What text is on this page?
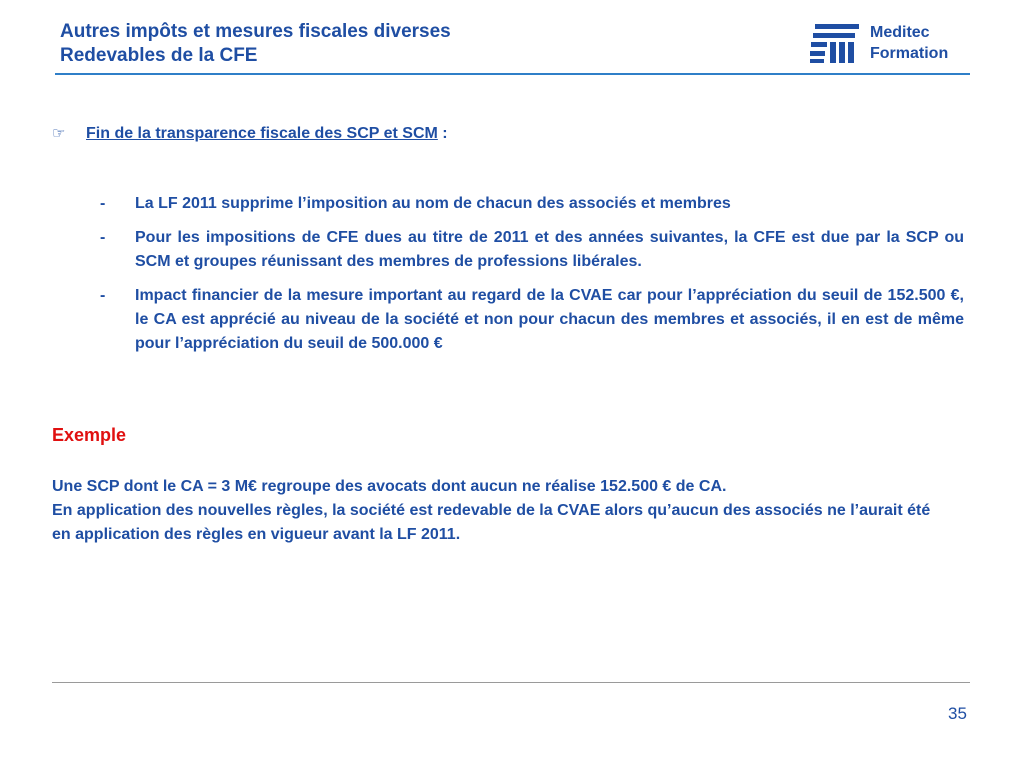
Autres impôts et mesures fiscales diverses
Redevables de la CFE
Meditec
Formation
☞ Fin de la transparence fiscale des SCP et SCM :
- La LF 2011 supprime l’imposition au nom de chacun des associés et membres
- Pour les impositions de CFE dues au titre de 2011 et des années suivantes, la CFE est due par la SCP ou SCM et groupes réunissant des membres de professions libérales.
- Impact financier de la mesure important au regard de la CVAE car pour l’appréciation du seuil de 152.500 €, le CA est apprécié au niveau de la société et non pour chacun des membres et associés, il en est de même pour l’appréciation du seuil de 500.000 €
Exemple

Une SCP dont le CA = 3 M€ regroupe des avocats dont aucun ne réalise 152.500 € de CA.

En application des nouvelles règles, la société est redevable de la CVAE alors qu’aucun des associés ne l’aurait été en application des règles en vigueur avant la LF 2011.

35
